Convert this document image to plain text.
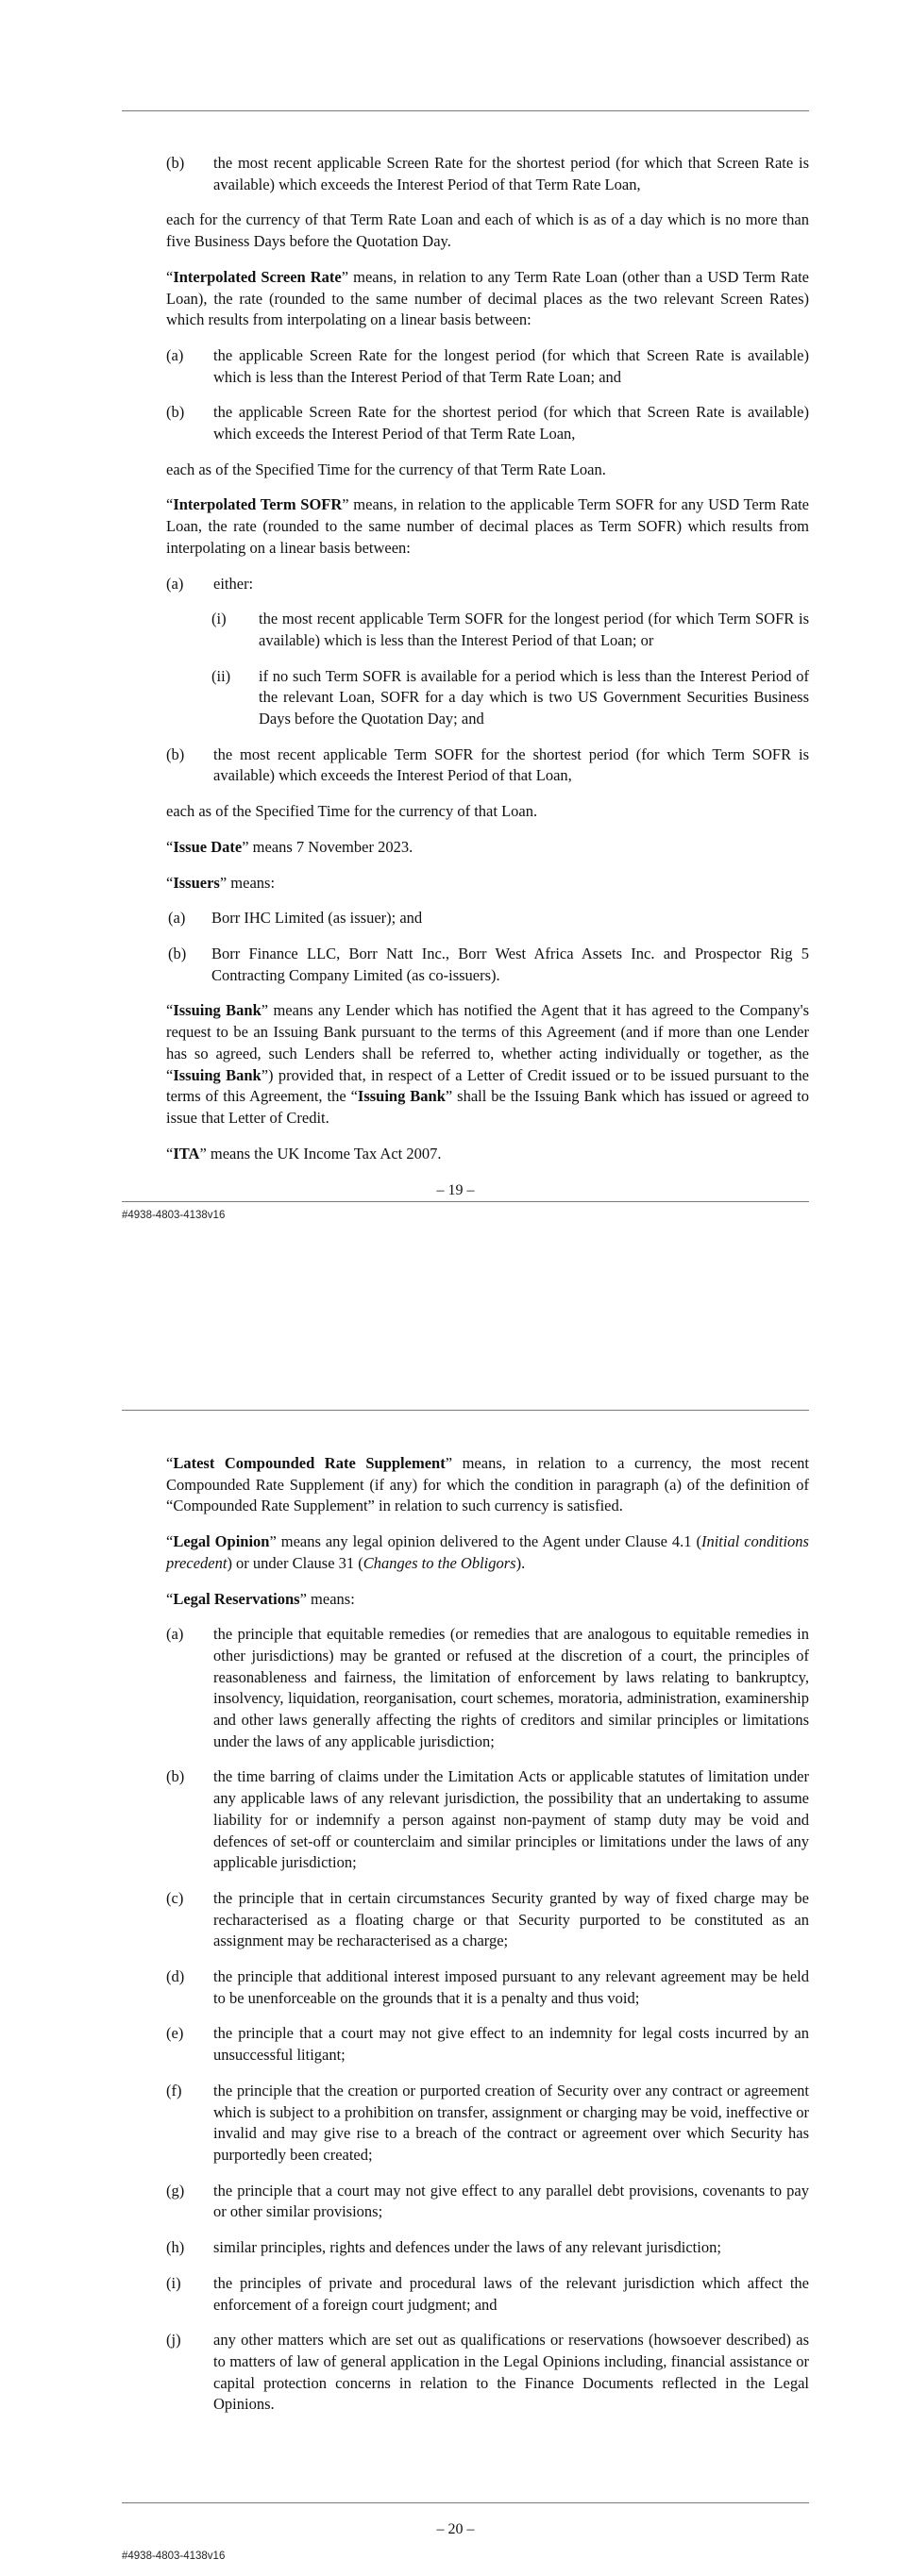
(b) the most recent applicable Screen Rate for the shortest period (for which that Screen Rate is available) which exceeds the Interest Period of that Term Rate Loan,

each for the currency of that Term Rate Loan and each of which is as of a day which is no more than five Business Days before the Quotation Day.

“Interpolated Screen Rate” means, in relation to any Term Rate Loan (other than a USD Term Rate Loan), the rate (rounded to the same number of decimal places as the two relevant Screen Rates) which results from interpolating on a linear basis between:

(a) the applicable Screen Rate for the longest period (for which that Screen Rate is available) which is less than the Interest Period of that Term Rate Loan; and
(b) the applicable Screen Rate for the shortest period (for which that Screen Rate is available) which exceeds the Interest Period of that Term Rate Loan,

each as of the Specified Time for the currency of that Term Rate Loan.

“Interpolated Term SOFR” means, in relation to the applicable Term SOFR for any USD Term Rate Loan, the rate (rounded to the same number of decimal places as Term SOFR) which results from interpolating on a linear basis between:

(a) either:
(i) the most recent applicable Term SOFR for the longest period (for which Term SOFR is available) which is less than the Interest Period of that Loan; or
(ii) if no such Term SOFR is available for a period which is less than the Interest Period of the relevant Loan, SOFR for a day which is two US Government Securities Business Days before the Quotation Day; and
(b) the most recent applicable Term SOFR for the shortest period (for which Term SOFR is available) which exceeds the Interest Period of that Loan,

each as of the Specified Time for the currency of that Loan.

“Issue Date” means 7 November 2023.

“Issuers” means:

(a) Borr IHC Limited (as issuer); and
(b) Borr Finance LLC, Borr Natt Inc., Borr West Africa Assets Inc. and Prospector Rig 5 Contracting Company Limited (as co-issuers).

“Issuing Bank” means any Lender which has notified the Agent that it has agreed to the Company's request to be an Issuing Bank pursuant to the terms of this Agreement (and if more than one Lender has so agreed, such Lenders shall be referred to, whether acting individually or together, as the “Issuing Bank”) provided that, in respect of a Letter of Credit issued or to be issued pursuant to the terms of this Agreement, the “Issuing Bank” shall be the Issuing Bank which has issued or agreed to issue that Letter of Credit.

“ITA” means the UK Income Tax Act 2007.

– 19 –
#4938-4803-4138v16

“Latest Compounded Rate Supplement” means, in relation to a currency, the most recent Compounded Rate Supplement (if any) for which the condition in paragraph (a) of the definition of “Compounded Rate Supplement” in relation to such currency is satisfied.

“Legal Opinion” means any legal opinion delivered to the Agent under Clause 4.1 (Initial conditions precedent) or under Clause 31 (Changes to the Obligors).

“Legal Reservations” means:

(a) the principle that equitable remedies (or remedies that are analogous to equitable remedies in other jurisdictions) may be granted or refused at the discretion of a court, the principles of reasonableness and fairness, the limitation of enforcement by laws relating to bankruptcy, insolvency, liquidation, reorganisation, court schemes, moratoria, administration, examinership and other laws generally affecting the rights of creditors and similar principles or limitations under the laws of any applicable jurisdiction;
(b) the time barring of claims under the Limitation Acts or applicable statutes of limitation under any applicable laws of any relevant jurisdiction, the possibility that an undertaking to assume liability for or indemnify a person against non-payment of stamp duty may be void and defences of set-off or counterclaim and similar principles or limitations under the laws of any applicable jurisdiction;
(c) the principle that in certain circumstances Security granted by way of fixed charge may be recharacterised as a floating charge or that Security purported to be constituted as an assignment may be recharacterised as a charge;
(d) the principle that additional interest imposed pursuant to any relevant agreement may be held to be unenforceable on the grounds that it is a penalty and thus void;
(e) the principle that a court may not give effect to an indemnity for legal costs incurred by an unsuccessful litigant;
(f) the principle that the creation or purported creation of Security over any contract or agreement which is subject to a prohibition on transfer, assignment or charging may be void, ineffective or invalid and may give rise to a breach of the contract or agreement over which Security has purportedly been created;
(g) the principle that a court may not give effect to any parallel debt provisions, covenants to pay or other similar provisions;
(h) similar principles, rights and defences under the laws of any relevant jurisdiction;
(i) the principles of private and procedural laws of the relevant jurisdiction which affect the enforcement of a foreign court judgment; and
(j) any other matters which are set out as qualifications or reservations (howsoever described) as to matters of law of general application in the Legal Opinions including, financial assistance or capital protection concerns in relation to the Finance Documents reflected in the Legal Opinions.
– 20 –
#4938-4803-4138v16
